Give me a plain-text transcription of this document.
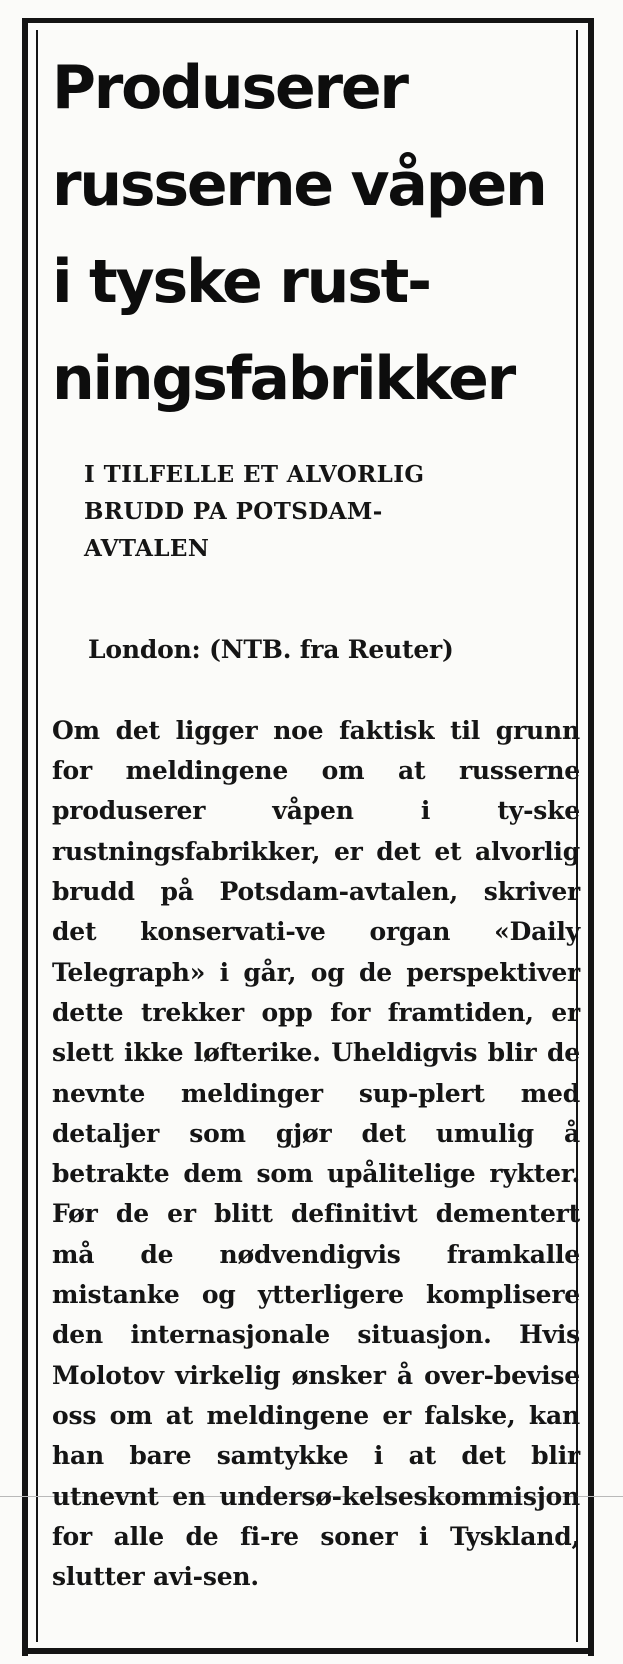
Produserer
russerne våpen
i tyske rust-
ningsfabrikker
I TILFELLE ET ALVORLIG
BRUDD PA POTSDAM-
AVTALEN

London: (NTB. fra Reuter)

Om det ligger noe faktisk til grunn for meldingene om at russerne produserer våpen i ty-ske rustningsfabrikker, er det et alvorlig brudd på Potsdam-avtalen, skriver det konservati-ve organ «Daily Telegraph» i går, og de perspektiver dette trekker opp for framtiden, er slett ikke løfterike. Uheldigvis blir de nevnte meldinger sup-plert med detaljer som gjør det umulig å betrakte dem som upålitelige rykter. Før de er blitt definitivt dementert må de nødvendigvis framkalle mistanke og ytterligere komplisere den internasjonale situasjon. Hvis Molotov virkelig ønsker å over-bevise oss om at meldingene er falske, kan han bare samtykke i at det blir utnevnt en undersø-kelseskommisjon for alle de fi-re soner i Tyskland, slutter avi-sen.
